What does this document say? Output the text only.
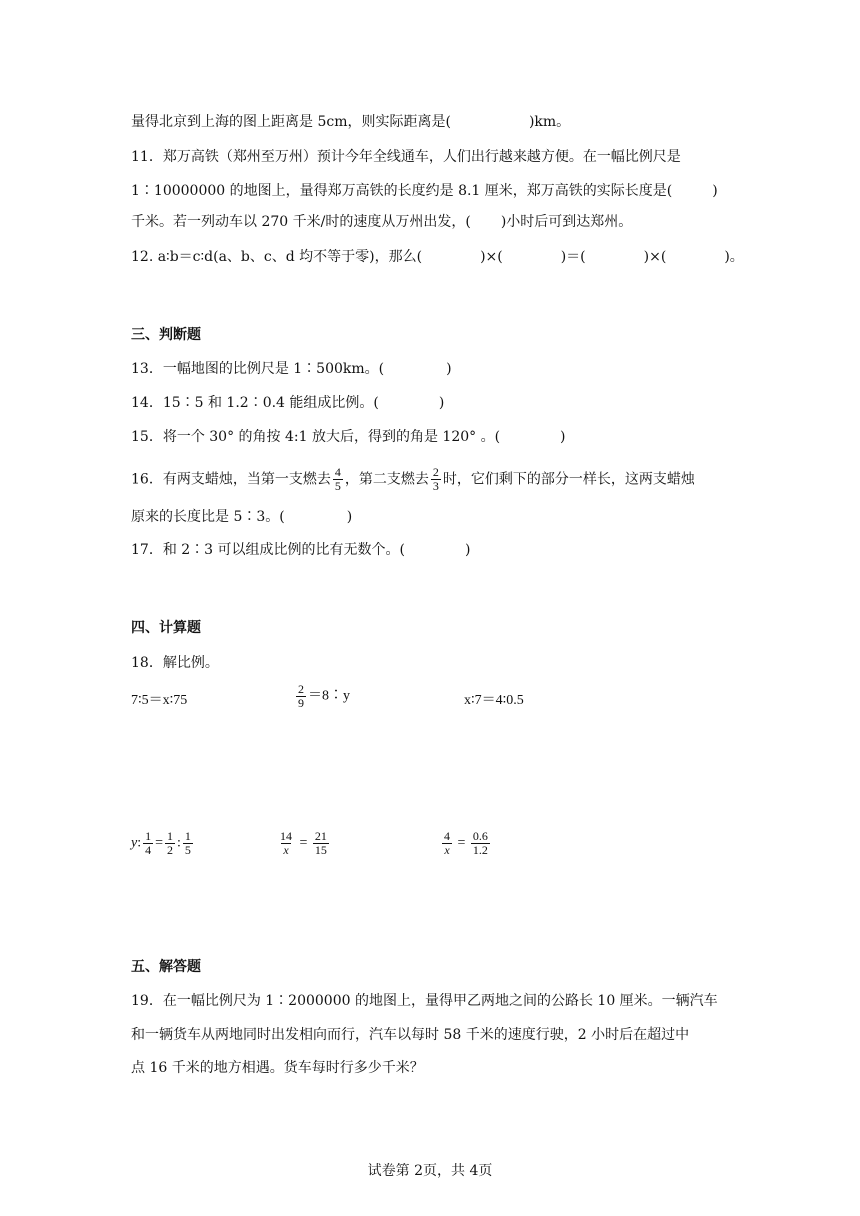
量得北京到上海的图上距离是 5cm，则实际距离是(	)km。
11．郑万高铁（郑州至万州）预计今年全线通车，人们出行越来越方便。在一幅比例尺是
1∶10000000 的地图上，量得郑万高铁的长度约是 8.1 厘米，郑万高铁的实际长度是(	)
千米。若一列动车以 270 千米/时的速度从万州出发，( )小时后可到达郑州。
12. a∶b＝c∶d(a、b、c、d 均不等于零)，那么(	)×(	)＝(	)×(	)。
三、判断题
13．一幅地图的比例尺是 1∶500km。(	)
14．15∶5 和 1.2∶0.4 能组成比例。(	)
15．将一个 30° 的角按 4:1 放大后，得到的角是 120° 。(	)
16．有两支蜡烛，当第一支燃去 $\frac{4}{5}$ ，第二支燃去 $\frac{2}{3}$ 时，它们剩下的部分一样长，这两支蜡烛
原来的长度比是 5∶3。(	)
17．和 2∶3 可以组成比例的比有无数个。(	)
四、计算题
18．解比例。
7∶5＝x∶75	$\frac{2}{9}$ ＝8∶y	x∶7＝4∶0.5
y: $\frac{1}{4} = \frac{1}{2}$ : $\frac{1}{5}$	$\frac{14}{x} = \frac{21}{15}$	$\frac{4}{x} = \frac{0.6}{1.2}$
五、解答题
19．在一幅比例尺为 1∶2000000 的地图上，量得甲乙两地之间的公路长 10 厘米。一辆汽车
和一辆货车从两地同时出发相向而行，汽车以每时 58 千米的速度行驶，2 小时后在超过中
点 16 千米的地方相遇。货车每时行多少千米？
试卷第 2页，共 4页
